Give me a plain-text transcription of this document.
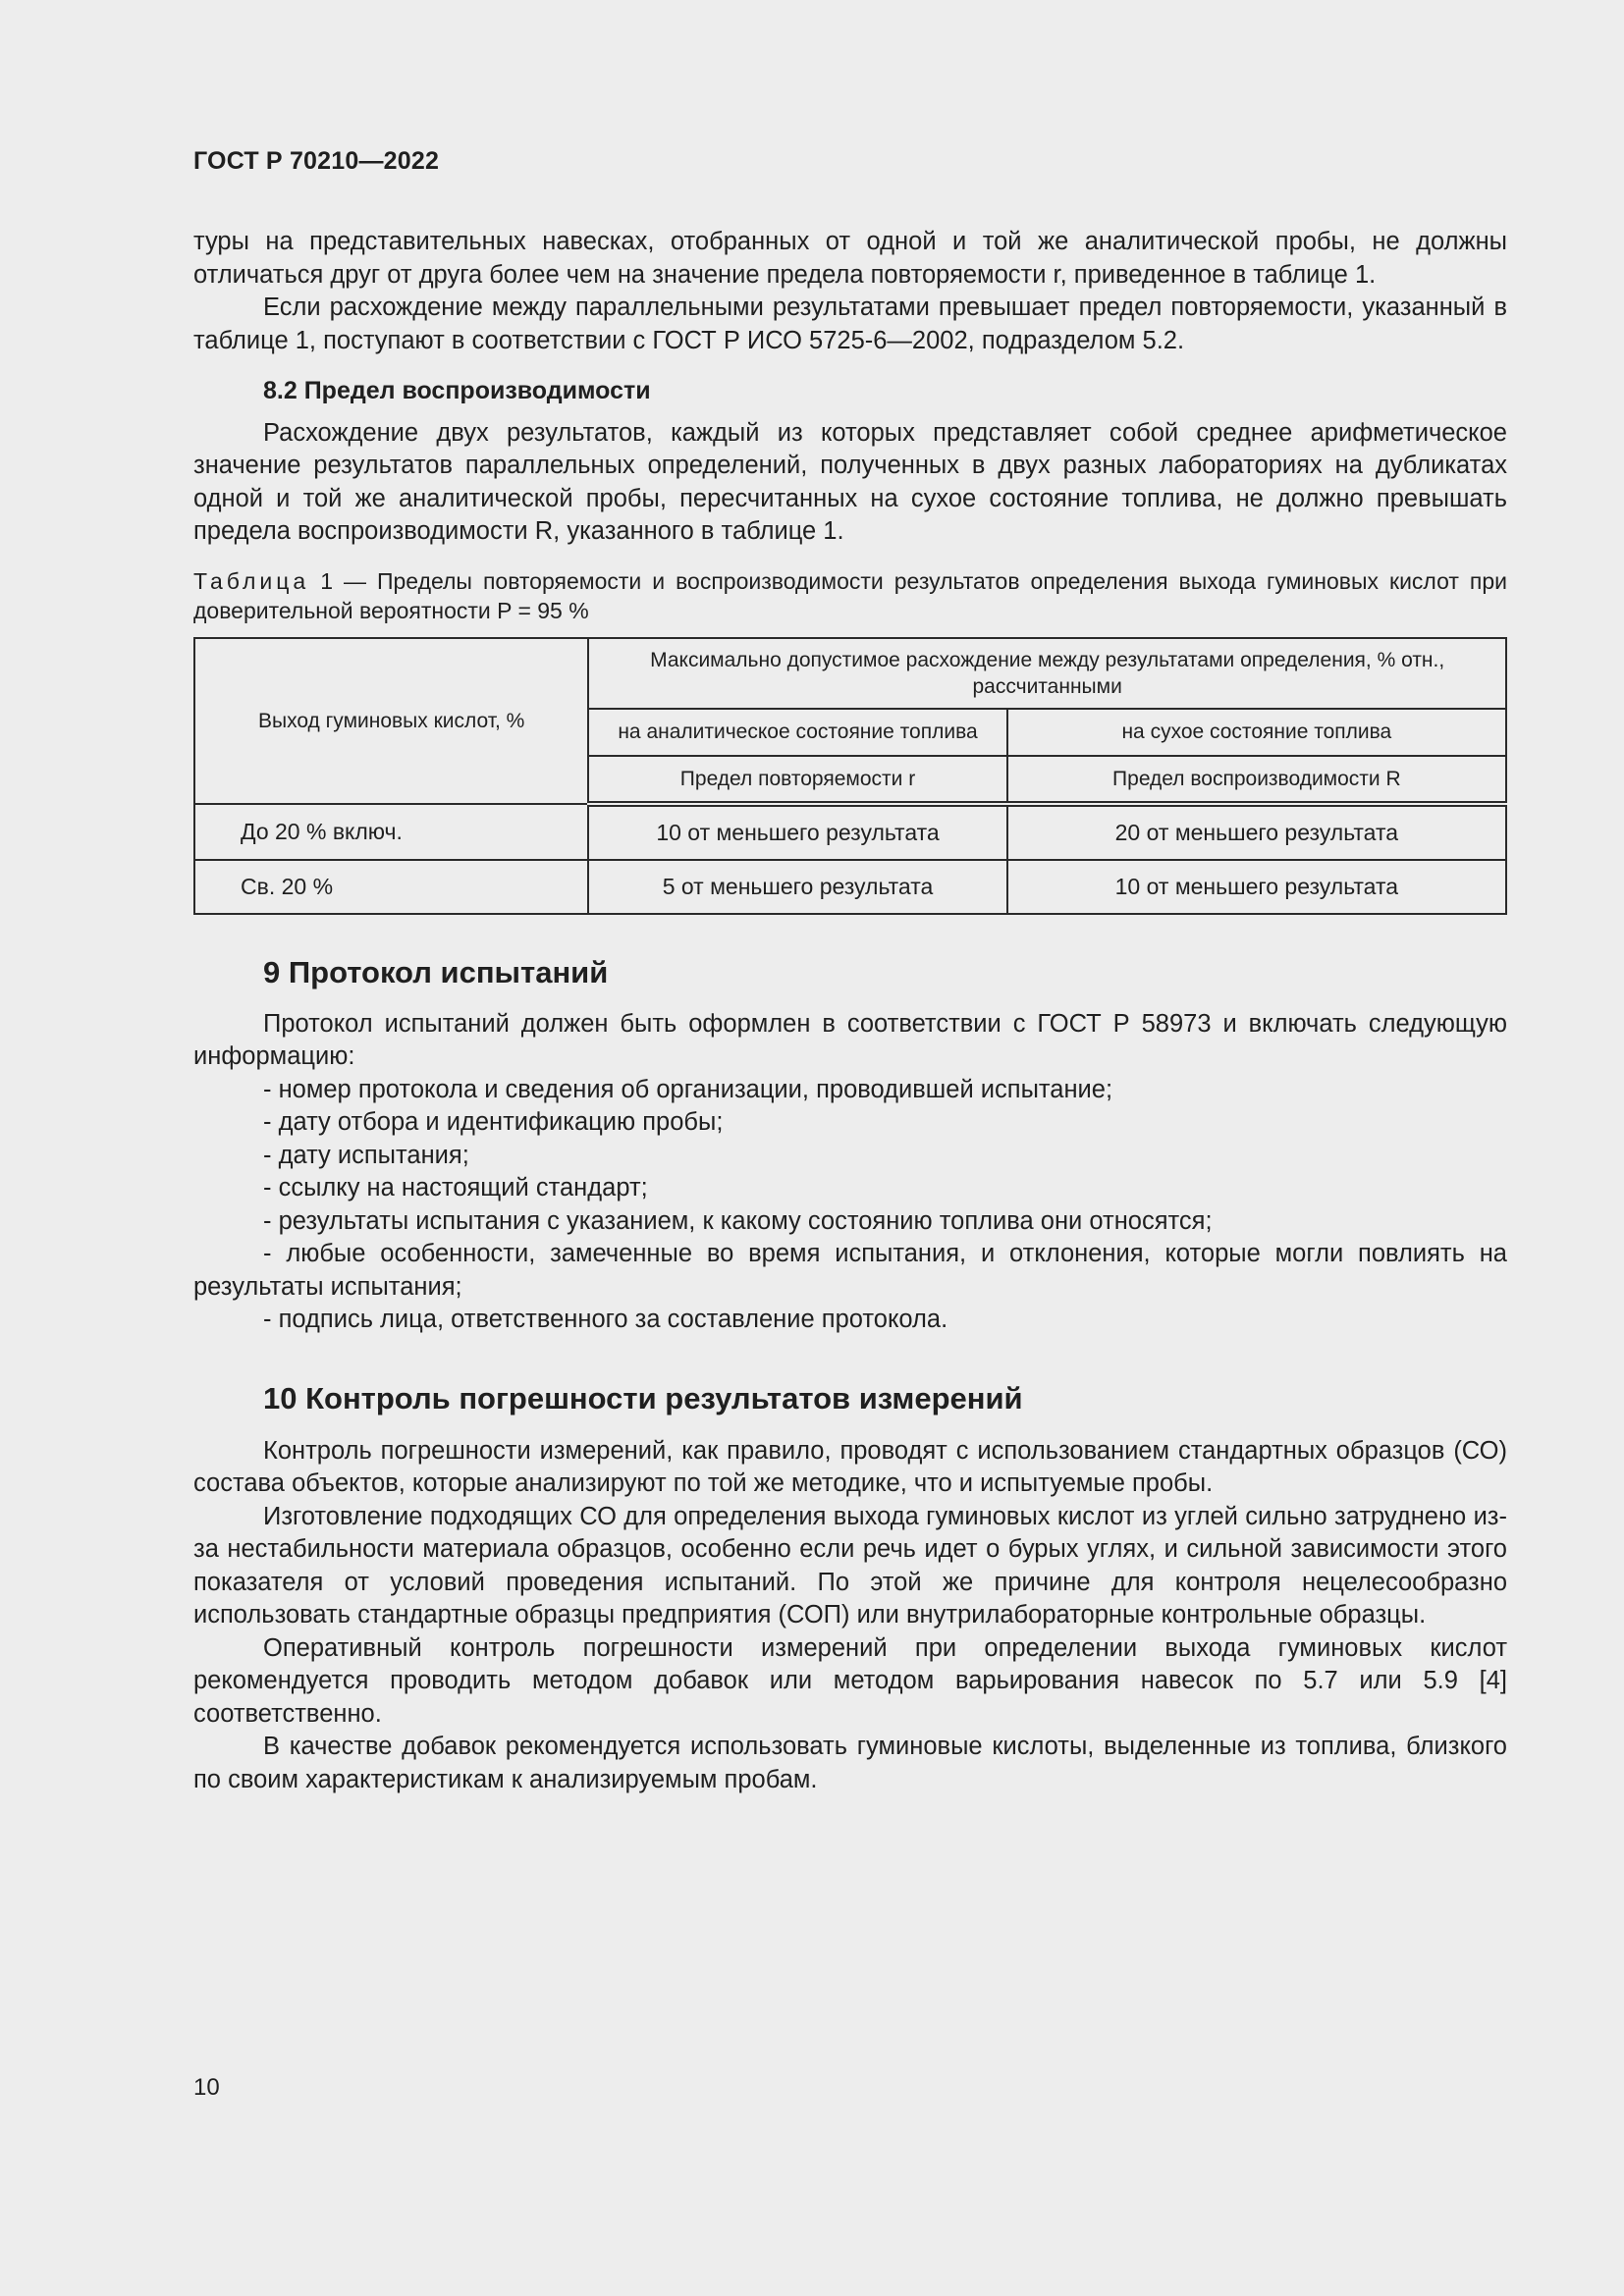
ГОСТ Р 70210—2022

туры на представительных навесках, отобранных от одной и той же аналитической пробы, не должны отличаться друг от друга более чем на значение предела повторяемости r, приведенное в таблице 1.

Если расхождение между параллельными результатами превышает предел повторяемости, указанный в таблице 1, поступают в соответствии с ГОСТ Р ИСО 5725-6—2002, подразделом 5.2.

8.2 Предел воспроизводимости

Расхождение двух результатов, каждый из которых представляет собой среднее арифметическое значение результатов параллельных определений, полученных в двух разных лабораториях на дубликатах одной и той же аналитической пробы, пересчитанных на сухое состояние топлива, не должно превышать предела воспроизводимости R, указанного в таблице 1.

Таблица 1 — Пределы повторяемости и воспроизводимости результатов определения выхода гуминовых кислот при доверительной вероятности P = 95 %
Выход гуминовых кислот, %	Максимально допустимое расхождение между результатами определения, % отн., рассчитанными	
	на аналитическое состояние топлива	на сухое состояние топлива
	Предел повторяемости r	Предел воспроизводимости R
До 20 % включ.	10 от меньшего результата	20 от меньшего результата
Св. 20 %	5 от меньшего результата	10 от меньшего результата
9 Протокол испытаний

Протокол испытаний должен быть оформлен в соответствии с ГОСТ Р 58973 и включать следующую информацию:

- номер протокола и сведения об организации, проводившей испытание;

- дату отбора и идентификацию пробы;

- дату испытания;

- ссылку на настоящий стандарт;

- результаты испытания с указанием, к какому состоянию топлива они относятся;

- любые особенности, замеченные во время испытания, и отклонения, которые могли повлиять на результаты испытания;

- подпись лица, ответственного за составление протокола.

10 Контроль погрешности результатов измерений

Контроль погрешности измерений, как правило, проводят с использованием стандартных образцов (СО) состава объектов, которые анализируют по той же методике, что и испытуемые пробы.

Изготовление подходящих СО для определения выхода гуминовых кислот из углей сильно затруднено из-за нестабильности материала образцов, особенно если речь идет о бурых углях, и сильной зависимости этого показателя от условий проведения испытаний. По этой же причине для контроля нецелесообразно использовать стандартные образцы предприятия (СОП) или внутрилабораторные контрольные образцы.

Оперативный контроль погрешности измерений при определении выхода гуминовых кислот рекомендуется проводить методом добавок или методом варьирования навесок по 5.7 или 5.9 [4] соответственно.

В качестве добавок рекомендуется использовать гуминовые кислоты, выделенные из топлива, близкого по своим характеристикам к анализируемым пробам.

10
